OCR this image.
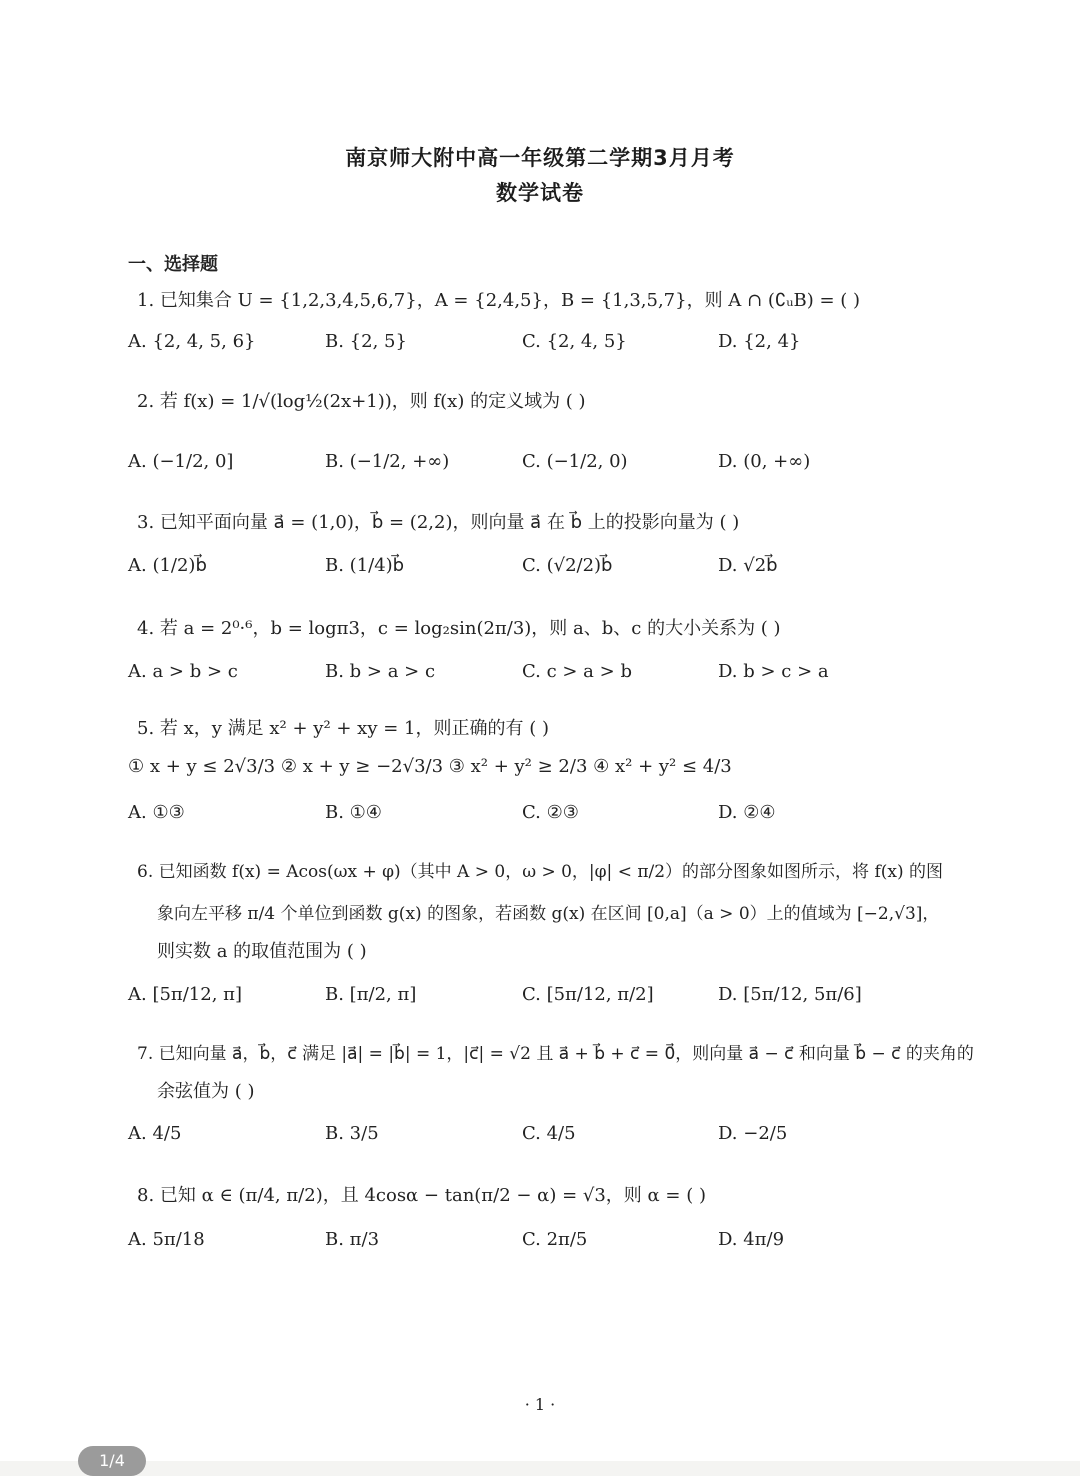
南京师大附中高一年级第二学期3月月考
数学试卷
一、选择题
1. 已知集合 U = {1,2,3,4,5,6,7}，A = {2,4,5}，B = {1,3,5,7}，则 A ∩ (∁ᵤB) = ( )
A. {2, 4, 5, 6}	B. {2, 5}	C. {2, 4, 5}	D. {2, 4}
2. 若 f(x) = 1/√(log½(2x+1))，则 f(x) 的定义域为 ( )
A. (−1/2, 0]	B. (−1/2, +∞)	C. (−1/2, 0)	D. (0, +∞)
3. 已知平面向量 a⃗ = (1,0)，b⃗ = (2,2)，则向量 a⃗ 在 b⃗ 上的投影向量为 ( )
A. (1/2)b⃗	B. (1/4)b⃗	C. (√2/2)b⃗	D. √2b⃗
4. 若 a = 2⁰·⁶，b = logπ3，c = log₂sin(2π/3)，则 a、b、c 的大小关系为 ( )
A. a > b > c	B. b > a > c	C. c > a > b	D. b > c > a
5. 若 x，y 满足 x² + y² + xy = 1，则正确的有 ( )
① x + y ≤ 2√3/3 ② x + y ≥ −2√3/3 ③ x² + y² ≥ 2/3 ④ x² + y² ≤ 4/3
A. ①③	B. ①④	C. ②③	D. ②④
6. 已知函数 f(x) = Acos(ωx + φ)（其中 A > 0，ω > 0，|φ| < π/2）的部分图象如图所示，将 f(x) 的图
象向左平移 π/4 个单位到函数 g(x) 的图象，若函数 g(x) 在区间 [0,a]（a > 0）上的值域为 [−2,√3]，
则实数 a 的取值范围为 ( )
A. [5π/12, π]	B. [π/2, π]	C. [5π/12, π/2]	D. [5π/12, 5π/6]
7. 已知向量 a⃗，b⃗，c⃗ 满足 |a⃗| = |b⃗| = 1，|c⃗| = √2 且 a⃗ + b⃗ + c⃗ = 0⃗，则向量 a⃗ − c⃗ 和向量 b⃗ − c⃗ 的夹角的
余弦值为 ( )
A. 4/5	B. 3/5	C. 4/5	D. −2/5
8. 已知 α ∈ (π/4, π/2)，且 4cosα − tan(π/2 − α) = √3，则 α = ( )
A. 5π/18	B. π/3	C. 2π/5	D. 4π/9
· 1 ·
1/4
